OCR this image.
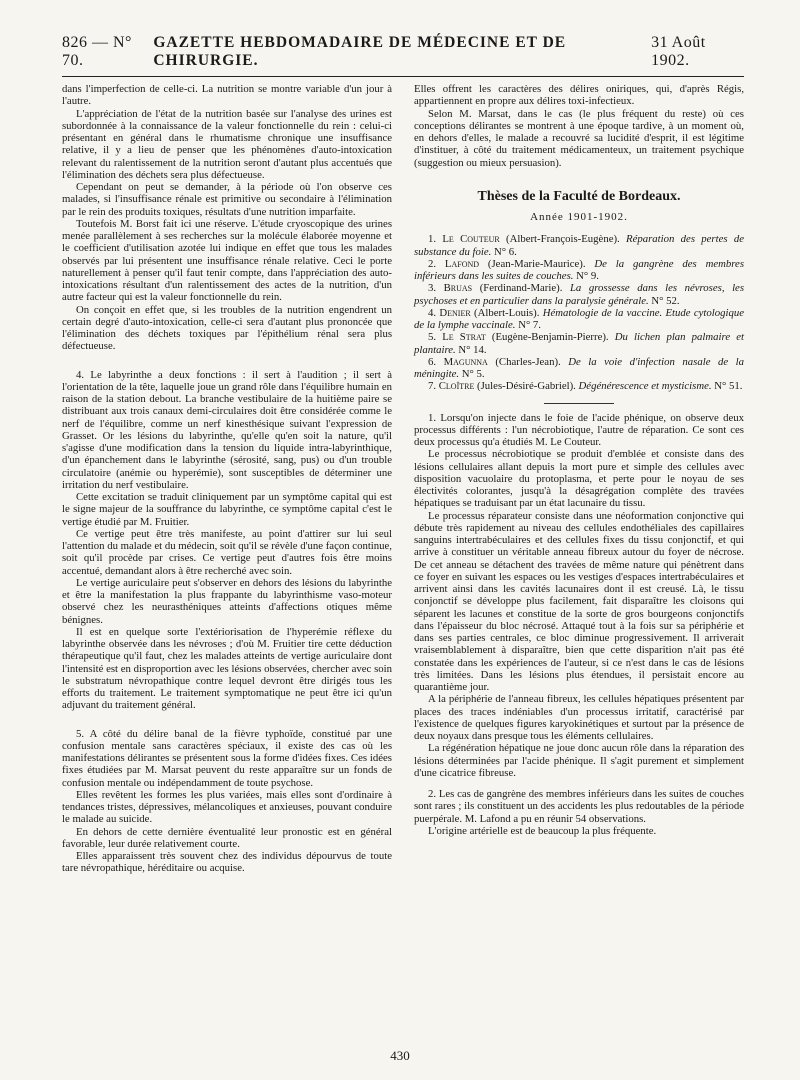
826 — N° 70.
GAZETTE HEBDOMADAIRE DE MÉDECINE ET DE CHIRURGIE.
31 Août 1902.

dans l'imperfection de celle-ci. La nutrition se montre variable d'un jour à l'autre.

L'appréciation de l'état de la nutrition basée sur l'analyse des urines est subordonnée à la connaissance de la valeur fonctionnelle du rein : celui-ci présentant en général dans le rhumatisme chronique une insuffisance relative, il y a lieu de penser que les phénomènes d'auto-intoxication relevant du ralentissement de la nutrition seront d'autant plus accentués que l'élimination des déchets sera plus défectueuse.

Cependant on peut se demander, à la période où l'on observe ces malades, si l'insuffisance rénale est primitive ou secondaire à l'élimination par le rein des produits toxiques, résultats d'une nutrition imparfaite.

Toutefois M. Borst fait ici une réserve. L'étude cryoscopique des urines menée parallèlement à ses recherches sur la molécule élaborée moyenne et le coefficient d'utilisation azotée lui indique en effet que tous les malades observés par lui présentent une insuffisance rénale relative. Ceci le porte naturellement à penser qu'il faut tenir compte, dans l'appréciation des auto-intoxications résultant d'un ralentissement des actes de la nutrition, d'un autre facteur qui est la valeur fonctionnelle du rein.

On conçoit en effet que, si les troubles de la nutrition engendrent un certain degré d'auto-intoxication, celle-ci sera d'autant plus prononcée que l'élimination des déchets toxiques par l'épithélium rénal sera plus défectueuse.

4. Le labyrinthe a deux fonctions : il sert à l'audition ; il sert à l'orientation de la tête, laquelle joue un grand rôle dans l'équilibre humain en raison de la station debout. La branche vestibulaire de la huitième paire se distribuant aux trois canaux demi-circulaires doit être considérée comme le nerf de l'équilibre, comme un nerf kinesthésique suivant l'expression de Grasset. Or les lésions du labyrinthe, qu'elle qu'en soit la nature, qu'il s'agisse d'une modification dans la tension du liquide intra-labyrinthique, d'un épanchement dans le labyrinthe (sérosité, sang, pus) ou d'un trouble circulatoire (anémie ou hyperémie), sont susceptibles de déterminer une irritation du nerf vestibulaire.

Cette excitation se traduit cliniquement par un symptôme capital qui est le signe majeur de la souffrance du labyrinthe, ce symptôme capital c'est le vertige étudié par M. Fruitier.

Ce vertige peut être très manifeste, au point d'attirer sur lui seul l'attention du malade et du médecin, soit qu'il se révèle d'une façon continue, soit qu'il procède par crises. Ce vertige peut d'autres fois être moins accentué, demandant alors à être recherché avec soin.

Le vertige auriculaire peut s'observer en dehors des lésions du labyrinthe et être la manifestation la plus frappante du labyrinthisme vaso-moteur observé chez les neurasthéniques atteints d'affections otiques même bénignes.

Il est en quelque sorte l'extériorisation de l'hyperémie réflexe du labyrinthe observée dans les névroses ; d'où M. Fruitier tire cette déduction thérapeutique qu'il faut, chez les malades atteints de vertige auriculaire dont l'intensité est en disproportion avec les lésions observées, chercher avec soin le substratum névropathique contre lequel devront être dirigés tous les efforts du traitement. Le traitement symptomatique ne peut être ici qu'un adjuvant du traitement général.

5. A côté du délire banal de la fièvre typhoïde, constitué par une confusion mentale sans caractères spéciaux, il existe des cas où les manifestations délirantes se présentent sous la forme d'idées fixes. Ces idées fixes étudiées par M. Marsat peuvent du reste apparaître sur un fonds de confusion mentale ou indépendamment de toute psychose.

Elles revêtent les formes les plus variées, mais elles sont d'ordinaire à tendances tristes, dépressives, mélancoliques et anxieuses, pouvant conduire le malade au suicide.

En dehors de cette dernière éventualité leur pronostic est en général favorable, leur durée relativement courte.

Elles apparaissent très souvent chez des individus dépourvus de toute tare névropathique, héréditaire ou acquise.

Elles offrent les caractères des délires oniriques, qui, d'après Régis, appartiennent en propre aux délires toxi-infectieux.

Selon M. Marsat, dans le cas (le plus fréquent du reste) où ces conceptions délirantes se montrent à une époque tardive, à un moment où, en dehors d'elles, le malade a recouvré sa lucidité d'esprit, il est légitime d'instituer, à côté du traitement médicamenteux, un traitement psychique (suggestion ou mieux persuasion).

Thèses de la Faculté de Bordeaux.
Année 1901-1902.

1. Le Couteur (Albert-François-Eugène). Réparation des pertes de substance du foie. N° 6.

2. Lafond (Jean-Marie-Maurice). De la gangrène des membres inférieurs dans les suites de couches. N° 9.

3. Bruas (Ferdinand-Marie). La grossesse dans les névroses, les psychoses et en particulier dans la paralysie générale. N° 52.

4. Denier (Albert-Louis). Hématologie de la vaccine. Etude cytologique de la lymphe vaccinale. N° 7.

5. Le Strat (Eugène-Benjamin-Pierre). Du lichen plan palmaire et plantaire. N° 14.

6. Magunna (Charles-Jean). De la voie d'infection nasale de la méningite. N° 5.

7. Cloître (Jules-Désiré-Gabriel). Dégénérescence et mysticisme. N° 51.

1. Lorsqu'on injecte dans le foie de l'acide phénique, on observe deux processus différents : l'un nécrobiotique, l'autre de réparation. Ce sont ces deux processus qu'a étudiés M. Le Couteur.

Le processus nécrobiotique se produit d'emblée et consiste dans des lésions cellulaires allant depuis la mort pure et simple des cellules avec disposition vacuolaire du protoplasma, et perte pour le noyau de ses électivités colorantes, jusqu'à la désagrégation complète des travées hépatiques se traduisant par un état lacunaire du tissu.

Le processus réparateur consiste dans une néoformation conjonctive qui débute très rapidement au niveau des cellules endothéliales des capillaires sanguins intertrabéculaires et des cellules fixes du tissu conjonctif, et qui arrive à constituer un véritable anneau fibreux autour du foyer de nécrose. De cet anneau se détachent des travées de même nature qui pénètrent dans ce foyer en suivant les espaces ou les vestiges d'espaces intertrabéculaires et arrivent ainsi dans les cavités lacunaires dont il est creusé. Là, le tissu conjonctif se développe plus facilement, fait disparaître les cloisons qui séparent les lacunes et constitue de la sorte de gros bourgeons conjonctifs dans l'épaisseur du bloc nécrosé. Attaqué tout à la fois sur sa périphérie et dans ses parties centrales, ce bloc diminue progressivement. Il arriverait vraisemblablement à disparaître, bien que cette disparition n'ait pas été constatée dans les expériences de l'auteur, si ce n'est dans le cas de lésions très limitées. Dans les lésions plus étendues, il persistait encore au quarantième jour.

A la périphérie de l'anneau fibreux, les cellules hépatiques présentent par places des traces indéniables d'un processus irritatif, caractérisé par l'existence de quelques figures karyokinétiques et surtout par la présence de deux noyaux dans presque tous les éléments cellulaires.

La régénération hépatique ne joue donc aucun rôle dans la réparation des lésions déterminées par l'acide phénique. Il s'agit purement et simplement d'une cicatrice fibreuse.

2. Les cas de gangrène des membres inférieurs dans les suites de couches sont rares ; ils constituent un des accidents les plus redoutables de la période puerpérale. M. Lafond a pu en réunir 54 observations.

L'origine artérielle est de beaucoup la plus fréquente.

430
